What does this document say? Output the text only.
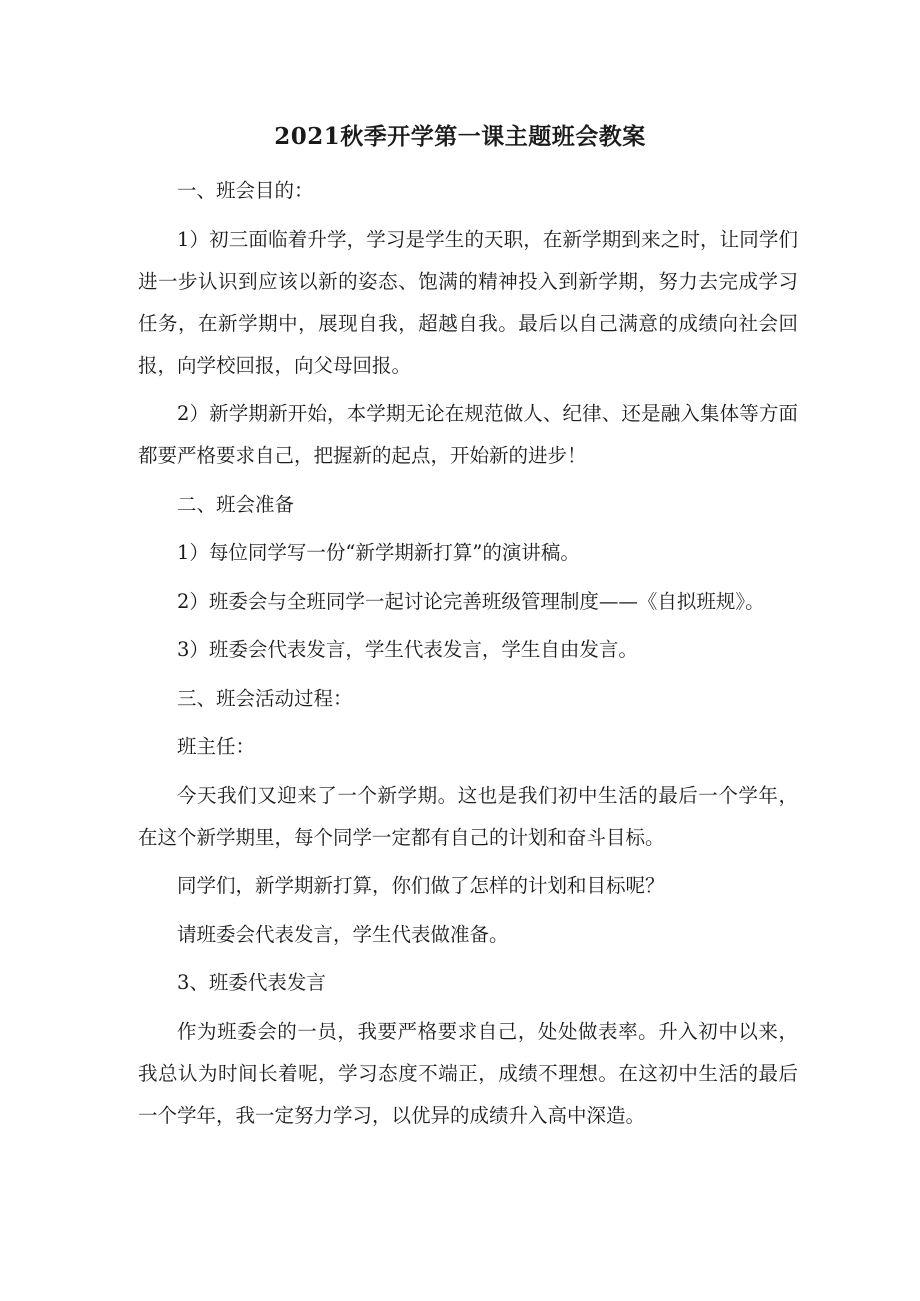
2021秋季开学第一课主题班会教案

一、班会目的：

1）初三面临着升学，学习是学生的天职，在新学期到来之时，让同学们进一步认识到应该以新的姿态、饱满的精神投入到新学期，努力去完成学习任务，在新学期中，展现自我，超越自我。最后以自己满意的成绩向社会回报，向学校回报，向父母回报。

2）新学期新开始，本学期无论在规范做人、纪律、还是融入集体等方面都要严格要求自己，把握新的起点，开始新的进步！

二、班会准备

1）每位同学写一份“新学期新打算”的演讲稿。

2）班委会与全班同学一起讨论完善班级管理制度——《自拟班规》。

3）班委会代表发言，学生代表发言，学生自由发言。

三、班会活动过程：

班主任：

今天我们又迎来了一个新学期。这也是我们初中生活的最后一个学年，在这个新学期里，每个同学一定都有自己的计划和奋斗目标。

同学们，新学期新打算，你们做了怎样的计划和目标呢？

请班委会代表发言，学生代表做准备。

3、班委代表发言

作为班委会的一员，我要严格要求自己，处处做表率。升入初中以来，我总认为时间长着呢，学习态度不端正，成绩不理想。在这初中生活的最后一个学年，我一定努力学习，以优异的成绩升入高中深造。
